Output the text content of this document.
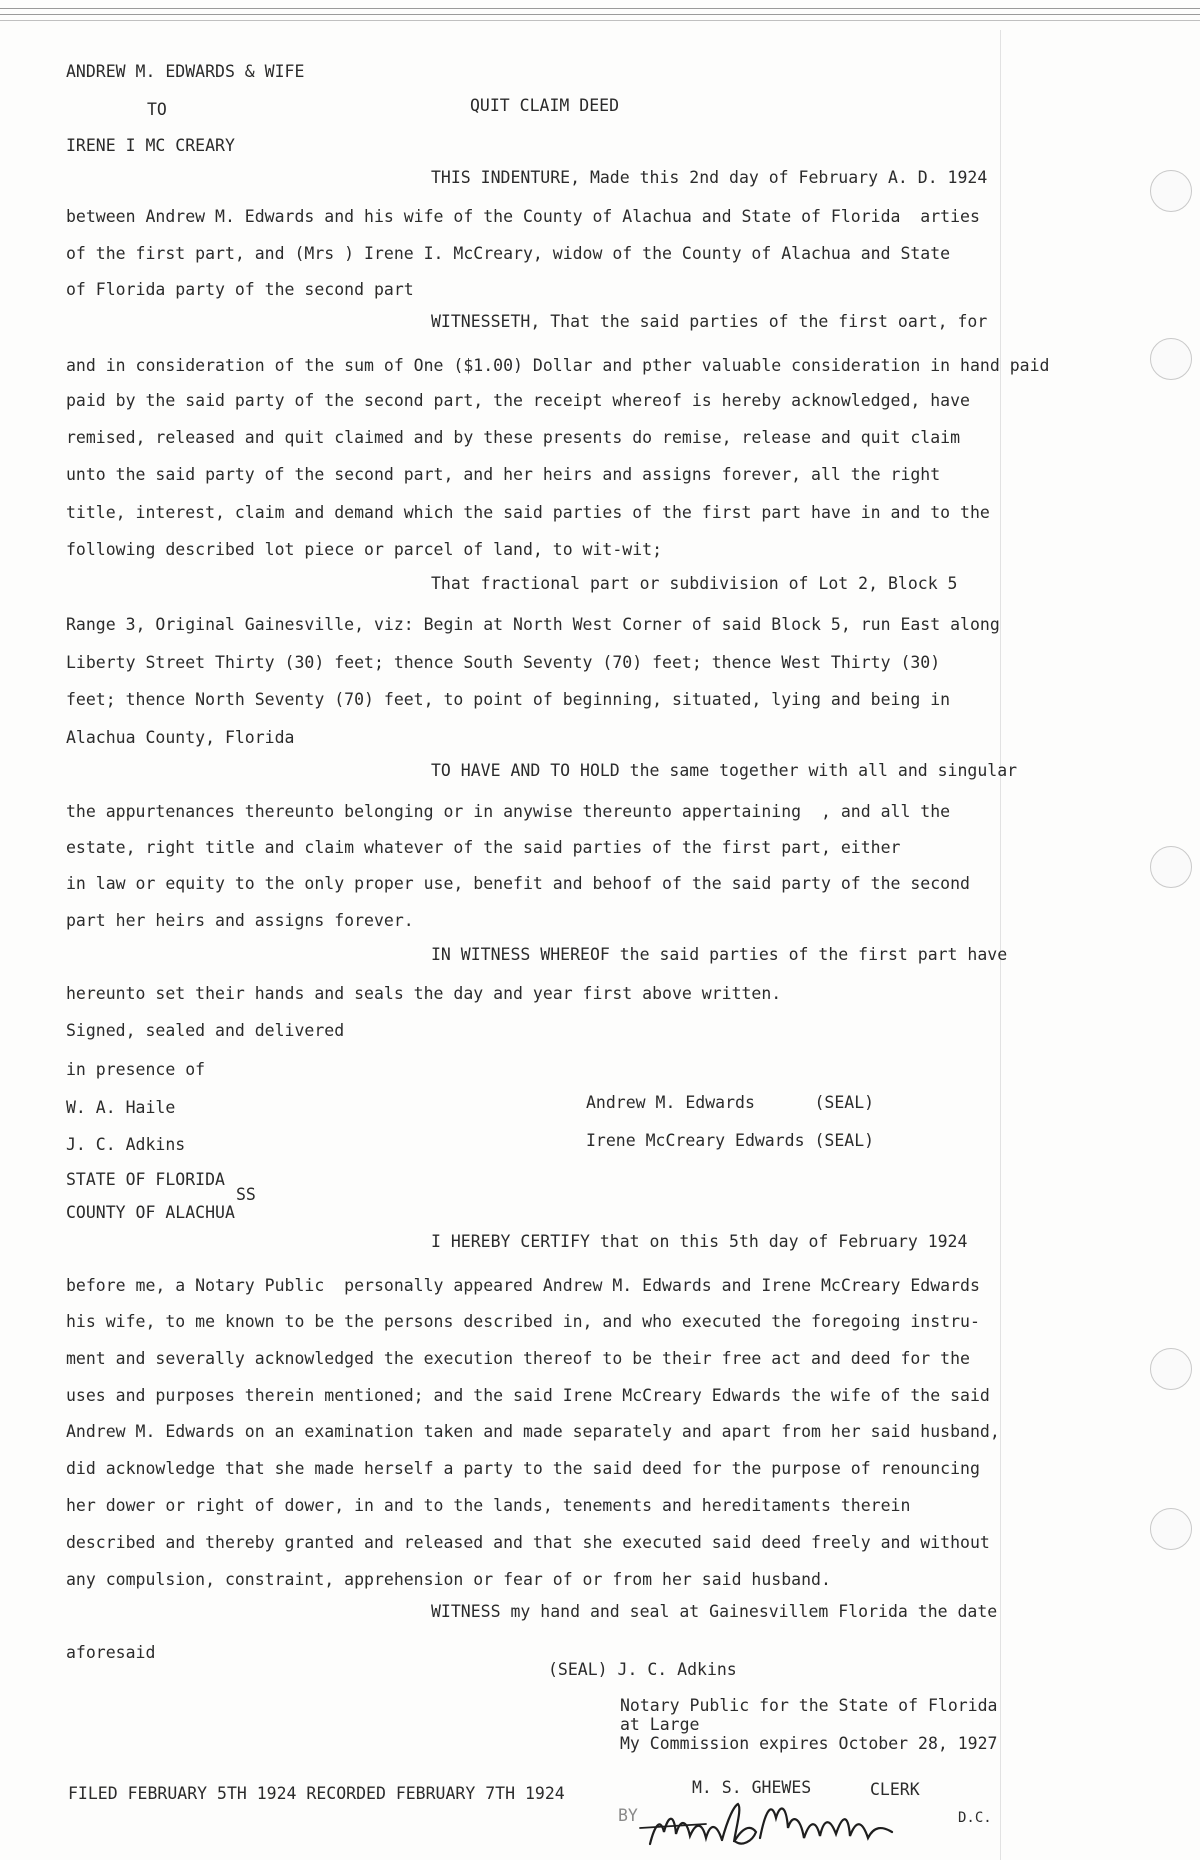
ANDREW M. EDWARDS & WIFE
TO	QUIT CLAIM DEED
IRENE I MC CREARY
THIS INDENTURE, Made this 2nd day of February A. D. 1924
between Andrew M. Edwards and his wife of the County of Alachua and State of Florida  arties
of the first part, and (Mrs ) Irene I. McCreary, widow of the County of Alachua and State
of Florida party of the second part
WITNESSETH, That the said parties of the first oart, for
and in consideration of the sum of One ($1.00) Dollar and pther valuable consideration in hand paid
paid by the said party of the second part, the receipt whereof is hereby acknowledged, have
remised, released and quit claimed and by these presents do remise, release and quit claim
unto the said party of the second part, and her heirs and assigns forever, all the right
title, interest, claim and demand which the said parties of the first part have in and to the
following described lot piece or parcel of land, to wit-wit;
That fractional part or subdivision of Lot 2, Block 5
Range 3, Original Gainesville, viz: Begin at North West Corner of said Block 5, run East along
Liberty Street Thirty (30) feet; thence South Seventy (70) feet; thence West Thirty (30)
feet; thence North Seventy (70) feet, to point of beginning, situated, lying and being in
Alachua County, Florida
TO HAVE AND TO HOLD the same together with all and singular
the appurtenances thereunto belonging or in anywise thereunto appertaining  , and all the
estate, right title and claim whatever of the said parties of the first part, either
in law or equity to the only proper use, benefit and behoof of the said party of the second
part her heirs and assigns forever.
IN WITNESS WHEREOF the said parties of the first part have
hereunto set their hands and seals the day and year first above written.
Signed, sealed and delivered
in presence of
W. A. Haile
J. C. Adkins
Andrew M. Edwards      (SEAL)
Irene McCreary Edwards (SEAL)
STATE OF FLORIDA
SS
COUNTY OF ALACHUA
I HEREBY CERTIFY that on this 5th day of February 1924
before me, a Notary Public  personally appeared Andrew M. Edwards and Irene McCreary Edwards
his wife, to me known to be the persons described in, and who executed the foregoing instru-
ment and severally acknowledged the execution thereof to be their free act and deed for the
uses and purposes therein mentioned; and the said Irene McCreary Edwards the wife of the said
Andrew M. Edwards on an examination taken and made separately and apart from her said husband,
did acknowledge that she made herself a party to the said deed for the purpose of renouncing
her dower or right of dower, in and to the lands, tenements and hereditaments therein
described and thereby granted and released and that she executed said deed freely and without
any compulsion, constraint, apprehension or fear of or from her said husband.
WITNESS my hand and seal at Gainesvillem Florida the date
aforesaid
(SEAL) J. C. Adkins
Notary Public for the State of Florida
at Large
My Commission expires October 28, 1927
FILED FEBRUARY 5TH 1924 RECORDED FEBRUARY 7TH 1924	M. S. GHEWES	CLERK
BY	D.C.
